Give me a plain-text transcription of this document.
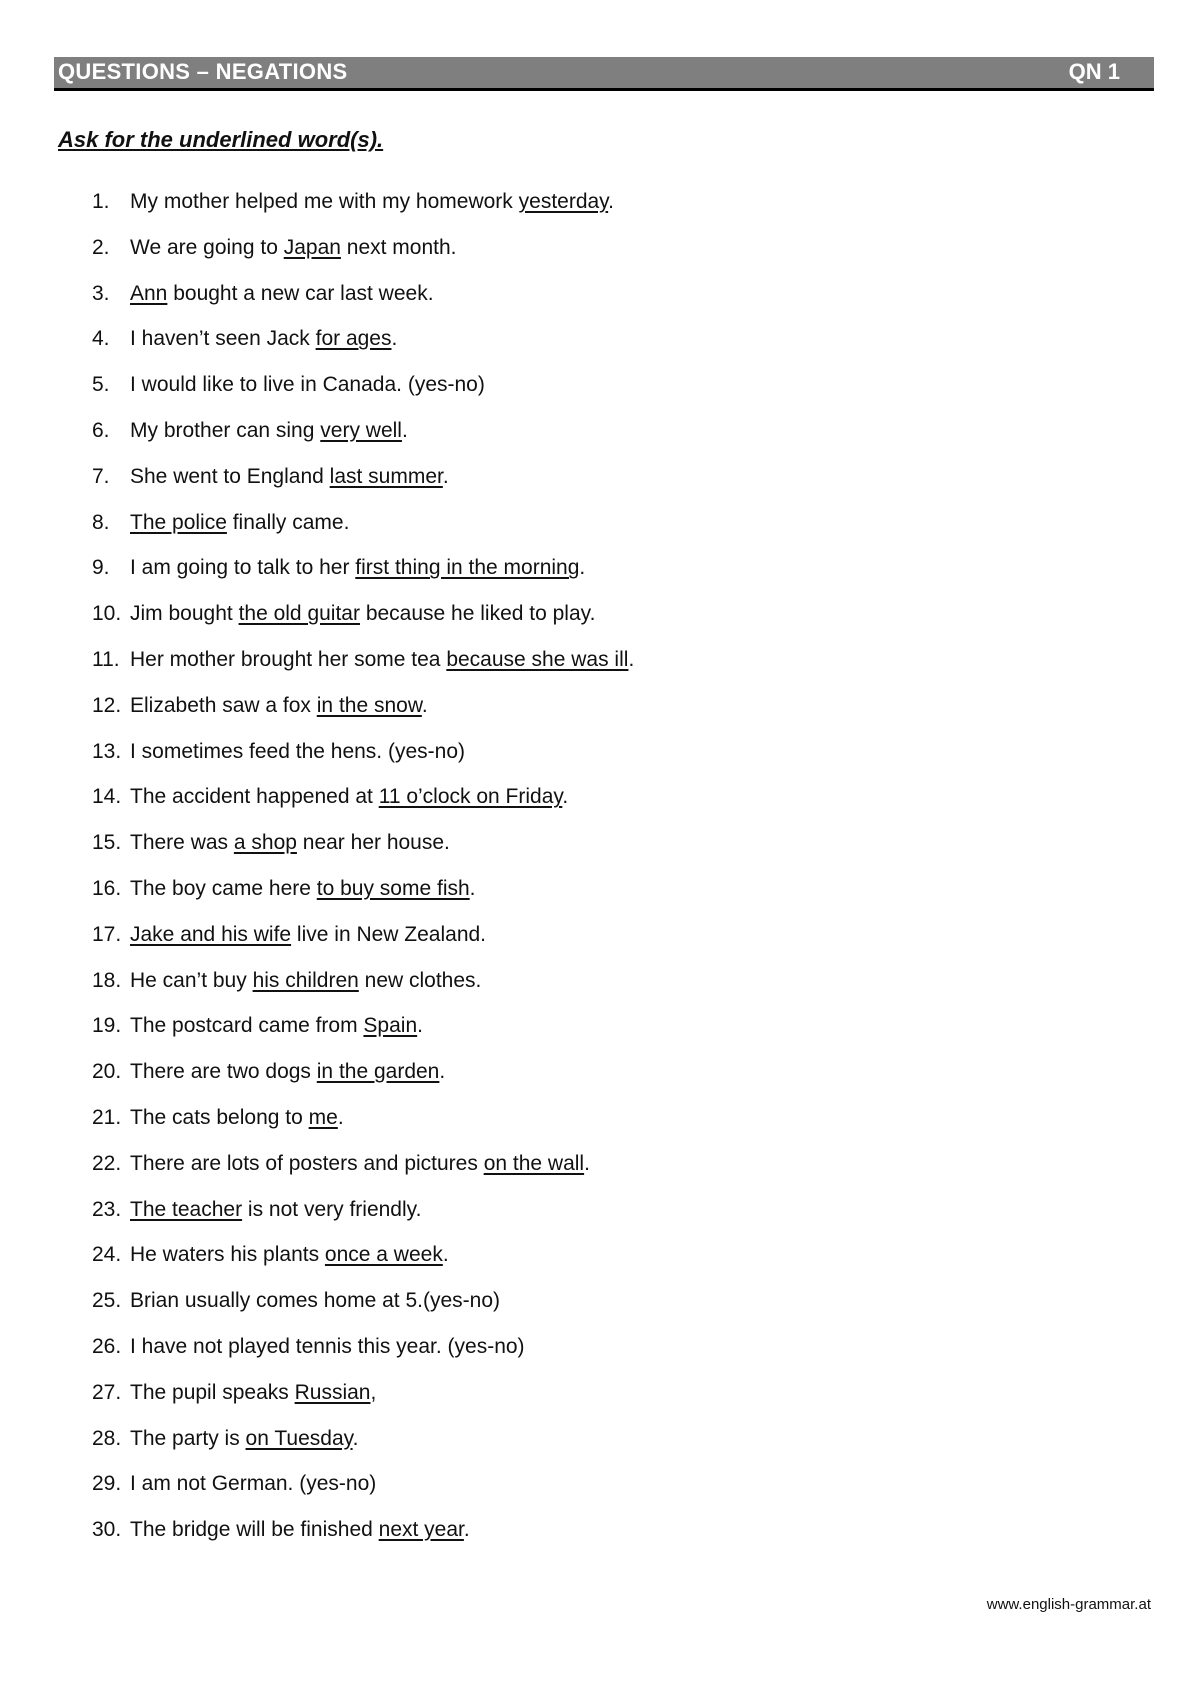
QUESTIONS – NEGATIONS	QN 1
Ask for the underlined word(s).
1. My mother helped me with my homework yesterday.
2. We are going to Japan next month.
3. Ann bought a new car last week.
4. I haven’t seen Jack for ages.
5. I would like to live in Canada. (yes-no)
6. My brother can sing very well.
7. She went to England last summer.
8. The police finally came.
9. I am going to talk to her first thing in the morning.
10. Jim bought the old guitar because he liked to play.
11. Her mother brought her some tea because she was ill.
12. Elizabeth saw a fox in the snow.
13. I sometimes feed the hens. (yes-no)
14. The accident happened at 11 o’clock on Friday.
15. There was a shop near her house.
16. The boy came here to buy some fish.
17. Jake and his wife live in New Zealand.
18. He can’t buy his children new clothes.
19. The postcard came from Spain.
20. There are two dogs in the garden.
21. The cats belong to me.
22. There are lots of posters and pictures on the wall.
23. The teacher is not very friendly.
24. He waters his plants once a week.
25. Brian usually comes home at 5.(yes-no)
26. I have not played tennis this year. (yes-no)
27. The pupil speaks Russian,
28. The party is on Tuesday.
29. I am not German. (yes-no)
30. The bridge will be finished next year.
www.english-grammar.at
